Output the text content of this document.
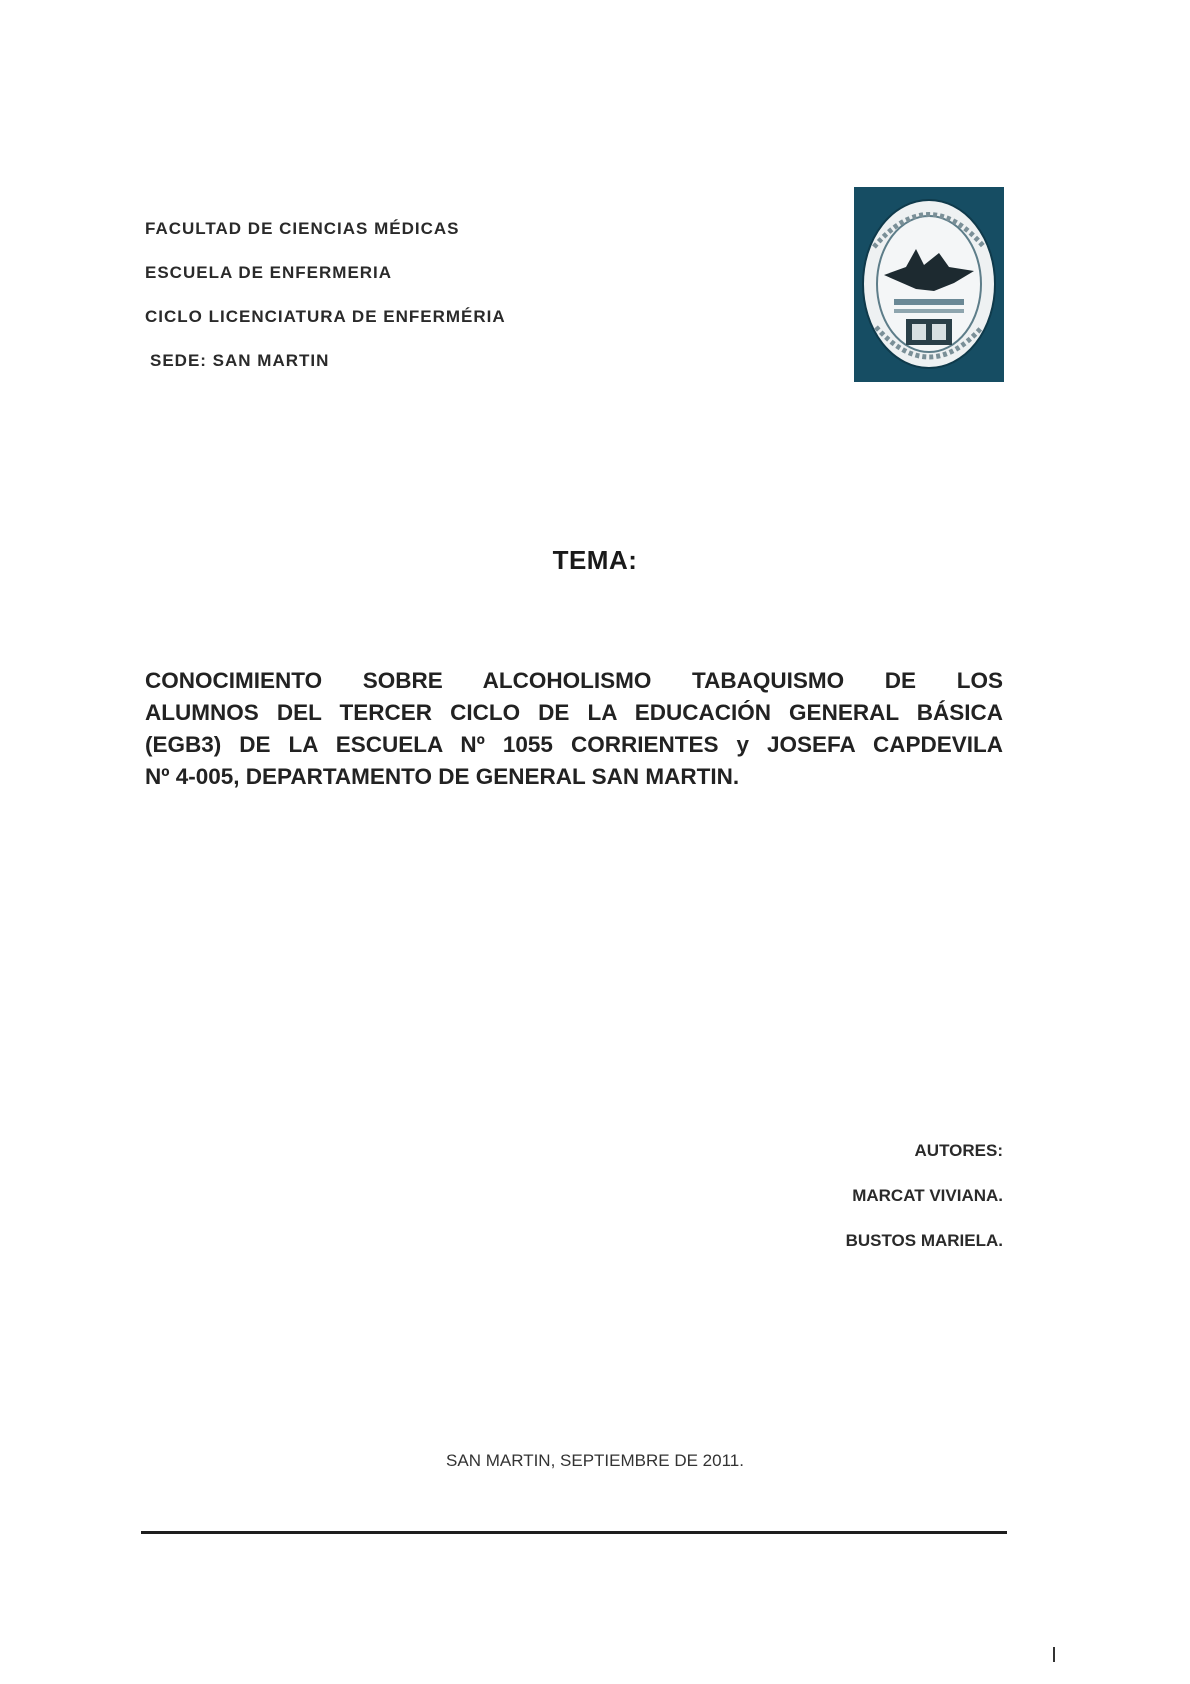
FACULTAD DE CIENCIAS MÉDICAS
ESCUELA DE ENFERMERIA
CICLO LICENCIATURA DE ENFERMÉRIA
SEDE: SAN MARTIN
TEMA:
CONOCIMIENTO SOBRE ALCOHOLISMO TABAQUISMO DE LOS
ALUMNOS DEL TERCER CICLO DE LA EDUCACIÓN GENERAL BÁSICA
(EGB3) DE LA ESCUELA Nº 1055 CORRIENTES y JOSEFA CAPDEVILA
Nº 4-005, DEPARTAMENTO DE GENERAL SAN MARTIN.
AUTORES:
MARCAT VIVIANA.
BUSTOS MARIELA.
SAN MARTIN, SEPTIEMBRE DE 2011.
